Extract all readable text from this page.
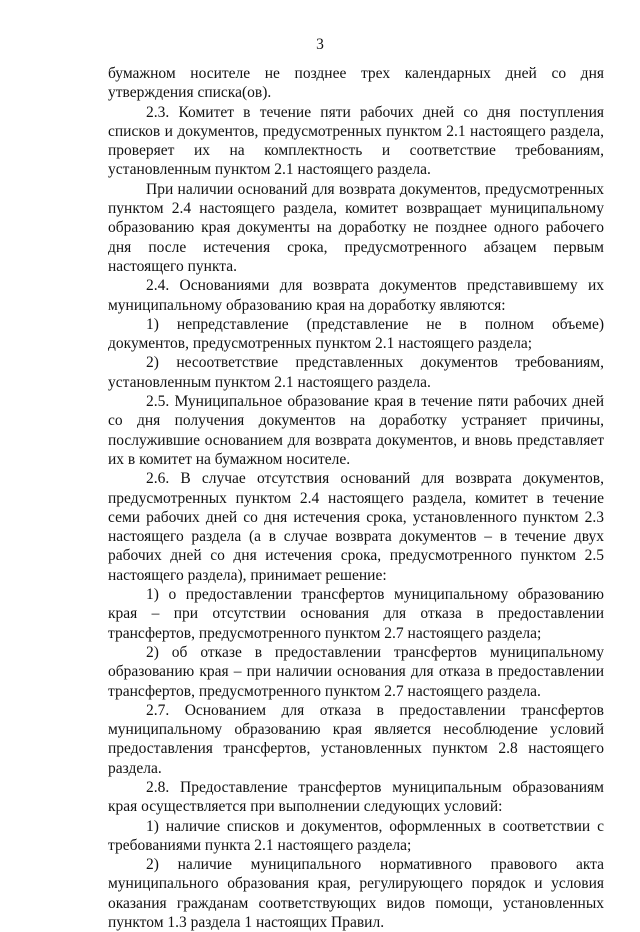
3

бумажном носителе не позднее трех календарных дней со дня утверждения списка(ов).

2.3. Комитет в течение пяти рабочих дней со дня поступления списков и документов, предусмотренных пунктом 2.1 настоящего раздела, проверяет их на комплектность и соответствие требованиям, установленным пунктом 2.1 настоящего раздела.

При наличии оснований для возврата документов, предусмотренных пунктом 2.4 настоящего раздела, комитет возвращает муниципальному образованию края документы на доработку не позднее одного рабочего дня после истечения срока, предусмотренного абзацем первым настоящего пункта.

2.4. Основаниями для возврата документов представившему их муниципальному образованию края на доработку являются:

1) непредставление (представление не в полном объеме) документов, предусмотренных пунктом 2.1 настоящего раздела;

2) несоответствие представленных документов требованиям, установленным пунктом 2.1 настоящего раздела.

2.5. Муниципальное образование края в течение пяти рабочих дней со дня получения документов на доработку устраняет причины, послужившие основанием для возврата документов, и вновь представляет их в комитет на бумажном носителе.

2.6. В случае отсутствия оснований для возврата документов, предусмотренных пунктом 2.4 настоящего раздела, комитет в течение семи рабочих дней со дня истечения срока, установленного пунктом 2.3 настоящего раздела (а в случае возврата документов – в течение двух рабочих дней со дня истечения срока, предусмотренного пунктом 2.5 настоящего раздела), принимает решение:

1) о предоставлении трансфертов муниципальному образованию края – при отсутствии основания для отказа в предоставлении трансфертов, предусмотренного пунктом 2.7 настоящего раздела;

2) об отказе в предоставлении трансфертов муниципальному образованию края – при наличии основания для отказа в предоставлении трансфертов, предусмотренного пунктом 2.7 настоящего раздела.

2.7. Основанием для отказа в предоставлении трансфертов муниципальному образованию края является несоблюдение условий предоставления трансфертов, установленных пунктом 2.8 настоящего раздела.

2.8. Предоставление трансфертов муниципальным образованиям края осуществляется при выполнении следующих условий:

1) наличие списков и документов, оформленных в соответствии с требованиями пункта 2.1 настоящего раздела;

2) наличие муниципального нормативного правового акта муниципального образования края, регулирующего порядок и условия оказания гражданам соответствующих видов помощи, установленных пунктом 1.3 раздела 1 настоящих Правил.
